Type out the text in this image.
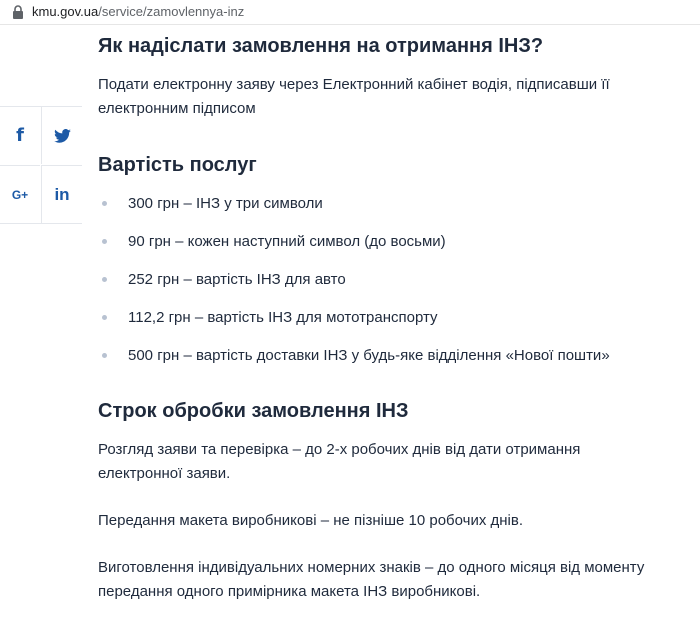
kmu.gov.ua/service/zamovlennya-inz
f
G+ in
Як надіслати замовлення на отримання ІНЗ?

Подати електронну заяву через Електронний кабінет водія, підписавши її електронним підписом

Вартість послуг
300 грн – ІНЗ у три символи
90 грн – кожен наступний символ (до восьми)
252 грн – вартість ІНЗ для авто
112,2 грн – вартість ІНЗ для мототранспорту
500 грн – вартість доставки ІНЗ у будь-яке відділення «Нової пошти»
Строк обробки замовлення ІНЗ

Розгляд заяви та перевірка – до 2-х робочих днів від дати отримання електронної заяви.

Передання макета виробникові – не пізніше 10 робочих днів.

Виготовлення індивідуальних номерних знаків – до одного місяця від моменту передання одного примірника макета ІНЗ виробникові.
